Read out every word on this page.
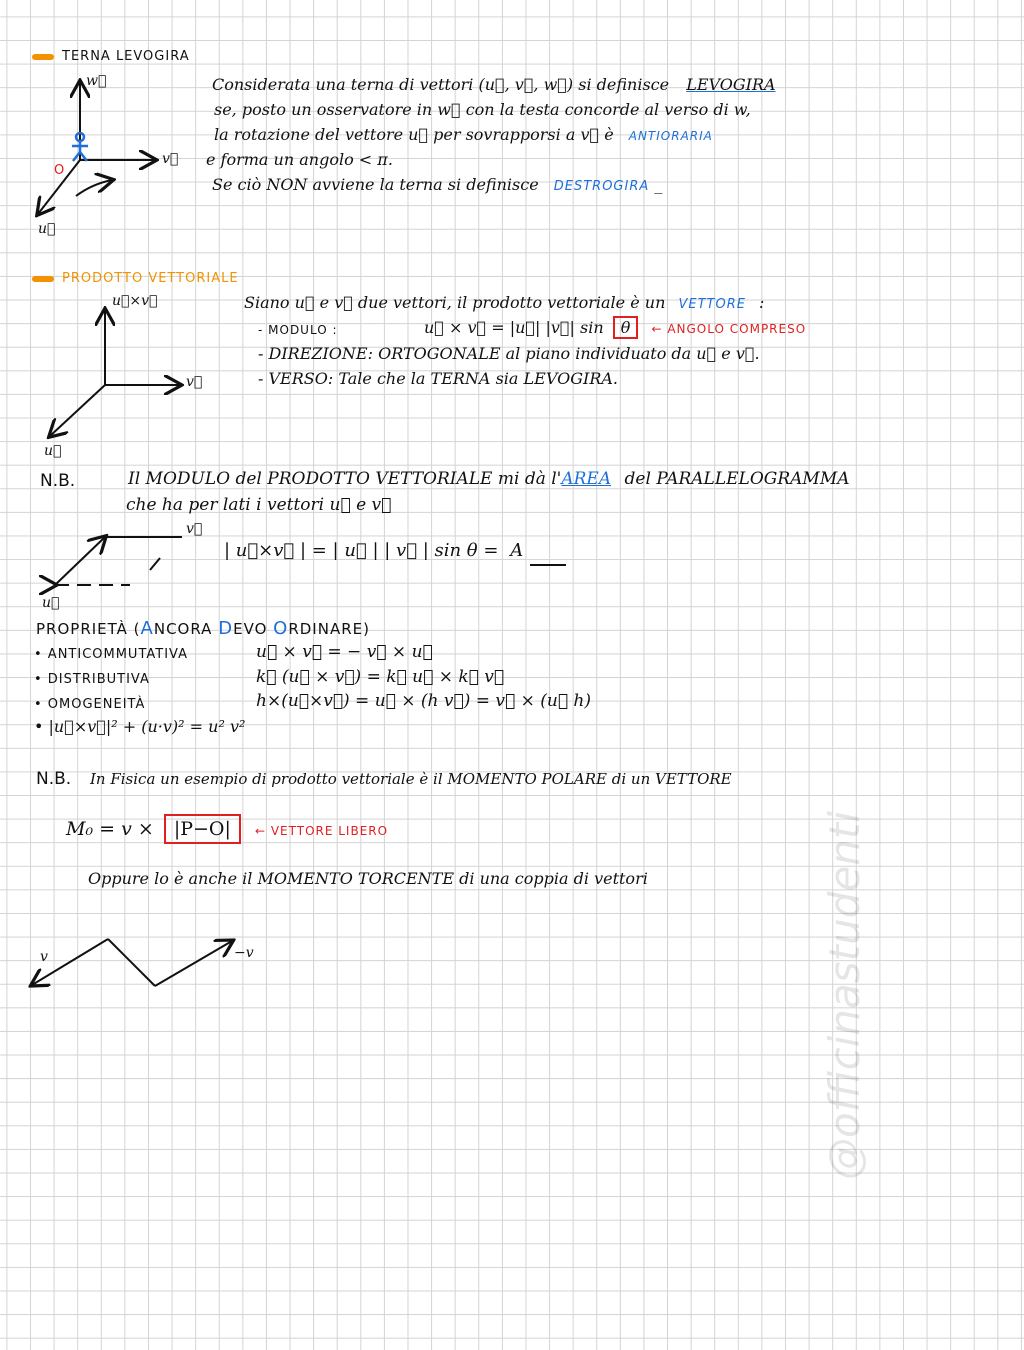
TERNA LEVOGIRA
w⃗
v⃗
u⃗
O
Considerata una terna di vettori (u⃗, v⃗, w⃗) si definisce LEVOGIRA
se, posto un osservatore in w⃗ con la testa concorde al verso di w,
la rotazione del vettore u⃗ per sovrapporsi a v⃗ è ANTIORARIA
e forma un angolo < π.
Se ciò NON avviene la terna si definisce DESTROGIRA _
PRODOTTO VETTORIALE
u⃗×v⃗
v⃗
u⃗
Siano u⃗ e v⃗ due vettori, il prodotto vettoriale è un VETTORE :
- MODULO :	u⃗ × v⃗ = |u⃗| |v⃗| sin θ ← ANGOLO COMPRESO
- DIREZIONE: ORTOGONALE al piano individuato da u⃗ e v⃗.
- VERSO: Tale che la TERNA sia LEVOGIRA.
N.B.	Il MODULO del PRODOTTO VETTORIALE mi dà l'AREA del PARALLELOGRAMMA
che ha per lati i vettori u⃗ e v⃗
v⃗
u⃗
| u⃗×v⃗ | = | u⃗ | | v⃗ | sin θ = A
PROPRIETÀ (ANCORA DEVO ORDINARE)
• ANTICOMMUTATIVA	u⃗ × v⃗ = − v⃗ × u⃗
• DISTRIBUTIVA	k⃗ (u⃗ × v⃗) = k⃗ u⃗ × k⃗ v⃗
• OMOGENEITÀ	h×(u⃗×v⃗) = u⃗ × (h v⃗) = v⃗ × (u⃗ h)
• |u⃗×v⃗|² + (u·v)² = u² v²
N.B. In Fisica un esempio di prodotto vettoriale è il MOMENTO POLARE di un VETTORE
M₀ = v × |P−O| ← VETTORE LIBERO
Oppure lo è anche il MOMENTO TORCENTE di una coppia di vettori
v	−v	@officinastudenti
